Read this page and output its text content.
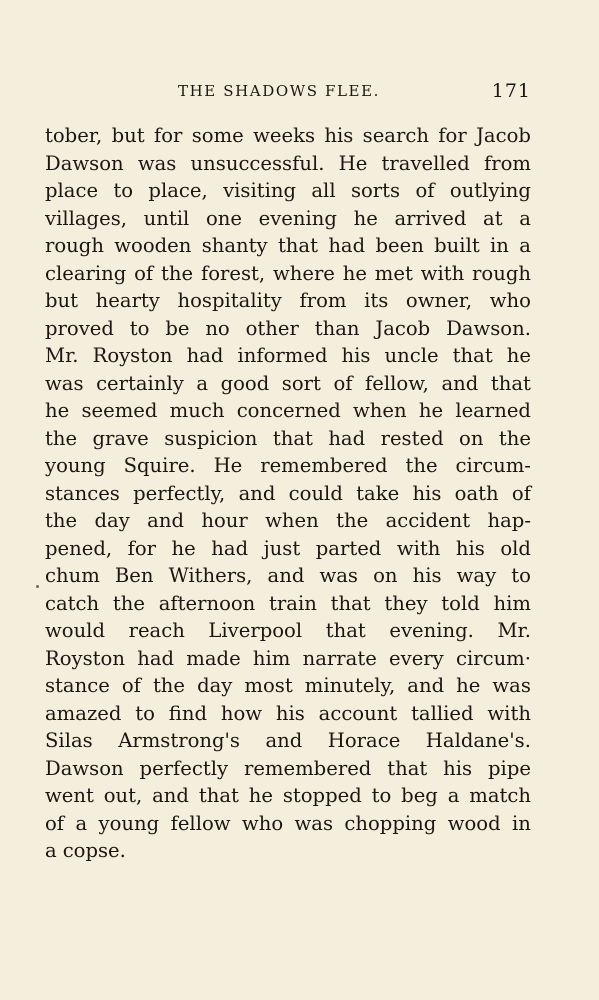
THE SHADOWS FLEE.	171
tober, but for some weeks his search for Jacob
Dawson was unsuccessful. He travelled from
place to place, visiting all sorts of outlying
villages, until one evening he arrived at a
rough wooden shanty that had been built in a
clearing of the forest, where he met with rough
but hearty hospitality from its owner, who
proved to be no other than Jacob Dawson.
Mr. Royston had informed his uncle that he
was certainly a good sort of fellow, and that
he seemed much concerned when he learned
the grave suspicion that had rested on the
young Squire. He remembered the circum-
stances perfectly, and could take his oath of
the day and hour when the accident hap-
pened, for he had just parted with his old
chum Ben Withers, and was on his way to
catch the afternoon train that they told him
would reach Liverpool that evening. Mr.
Royston had made him narrate every circum·
stance of the day most minutely, and he was
amazed to find how his account tallied with
Silas Armstrong's and Horace Haldane's.
Dawson perfectly remembered that his pipe
went out, and that he stopped to beg a match
of a young fellow who was chopping wood in
a copse.
